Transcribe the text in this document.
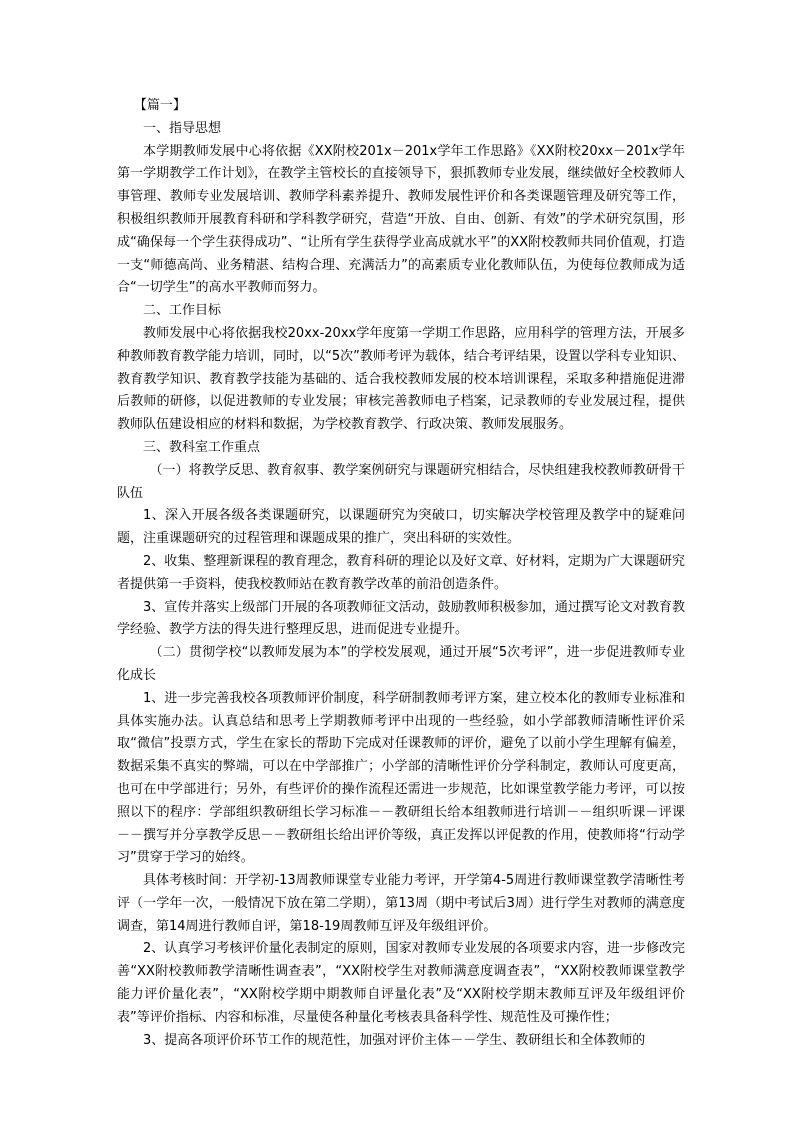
【篇一】

一、指导思想

本学期教师发展中心将依据《XX附校201x－201x学年工作思路》《XX附校20xx－201x学年第一学期教学工作计划》，在教学主管校长的直接领导下，狠抓教师专业发展，继续做好全校教师人事管理、教师专业发展培训、教师学科素养提升、教师发展性评价和各类课题管理及研究等工作，积极组织教师开展教育科研和学科教学研究，营造“开放、自由、创新、有效”的学术研究氛围，形成“确保每一个学生获得成功”、“让所有学生获得学业高成就水平”的XX附校教师共同价值观，打造一支“师德高尚、业务精湛、结构合理、充满活力”的高素质专业化教师队伍，为使每位教师成为适合“一切学生”的高水平教师而努力。

二、工作目标

教师发展中心将依据我校20xx-20xx学年度第一学期工作思路，应用科学的管理方法，开展多种教师教育教学能力培训，同时，以“5次”教师考评为载体，结合考评结果，设置以学科专业知识、教育教学知识、教育教学技能为基础的、适合我校教师发展的校本培训课程，采取多种措施促进滞后教师的研修，以促进教师的专业发展；审核完善教师电子档案，记录教师的专业发展过程，提供教师队伍建设相应的材料和数据，为学校教育教学、行政决策、教师发展服务。

三、教科室工作重点

（一）将教学反思、教育叙事、教学案例研究与课题研究相结合，尽快组建我校教师教研骨干队伍

1、深入开展各级各类课题研究，以课题研究为突破口，切实解决学校管理及教学中的疑难问题，注重课题研究的过程管理和课题成果的推广，突出科研的实效性。

2、收集、整理新课程的教育理念，教育科研的理论以及好文章、好材料，定期为广大课题研究者提供第一手资料，使我校教师站在教育教学改革的前沿创造条件。

3、宣传并落实上级部门开展的各项教师征文活动，鼓励教师积极参加，通过撰写论文对教育教学经验、教学方法的得失进行整理反思，进而促进专业提升。

（二）贯彻学校“以教师发展为本”的学校发展观，通过开展“5次考评”，进一步促进教师专业化成长

1、进一步完善我校各项教师评价制度，科学研制教师考评方案，建立校本化的教师专业标准和具体实施办法。认真总结和思考上学期教师考评中出现的一些经验，如小学部教师清晰性评价采取“微信”投票方式，学生在家长的帮助下完成对任课教师的评价，避免了以前小学生理解有偏差，数据采集不真实的弊端，可以在中学部推广；小学部的清晰性评价分学科制定，教师认可度更高，也可在中学部进行；另外，有些评价的操作流程还需进一步规范，比如课堂教学能力考评，可以按照以下的程序：学部组织教研组长学习标准－－教研组长给本组教师进行培训－－组织听课－评课－－撰写并分享教学反思－－教研组长给出评价等级，真正发挥以评促教的作用，使教师将“行动学习”贯穿于学习的始终。

具体考核时间：开学初-13周教师课堂专业能力考评，开学第4-5周进行教师课堂教学清晰性考评（一学年一次，一般情况下放在第二学期），第13周（期中考试后3周）进行学生对教师的满意度调查，第14周进行教师自评，第18-19周教师互评及年级组评价。

2、认真学习考核评价量化表制定的原则，国家对教师专业发展的各项要求内容，进一步修改完善“XX附校教师教学清晰性调查表”，“XX附校学生对教师满意度调查表”，“XX附校教师课堂教学能力评价量化表”，“XX附校学期中期教师自评量化表”及“XX附校学期末教师互评及年级组评价表”等评价指标、内容和标准，尽量使各种量化考核表具备科学性、规范性及可操作性；

3、提高各项评价环节工作的规范性，加强对评价主体－－学生、教研组长和全体教师的
